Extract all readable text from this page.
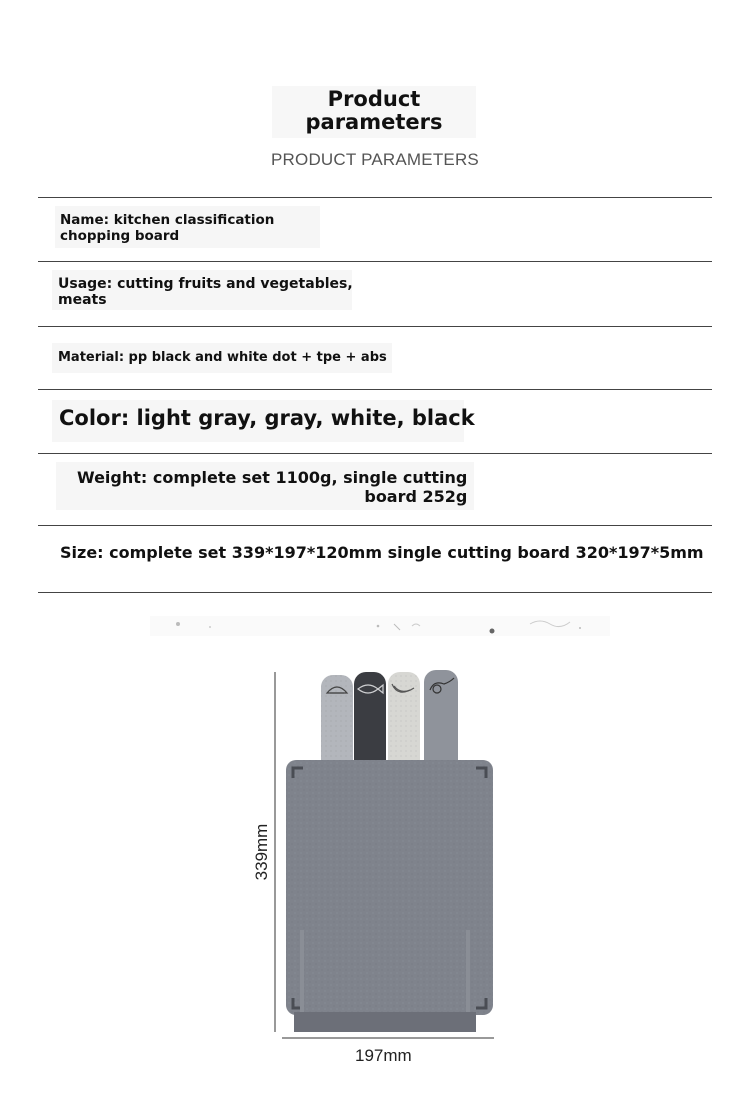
Product parameters
PRODUCT PARAMETERS
Name: kitchen classification
chopping board
Usage: cutting fruits and vegetables,
meats
Material: pp black and white dot + tpe + abs
Color: light gray, gray, white, black
Weight: complete set 1100g, single cutting
board 252g
Size: complete set 339*197*120mm single cutting board 320*197*5mm
339mm
197mm
